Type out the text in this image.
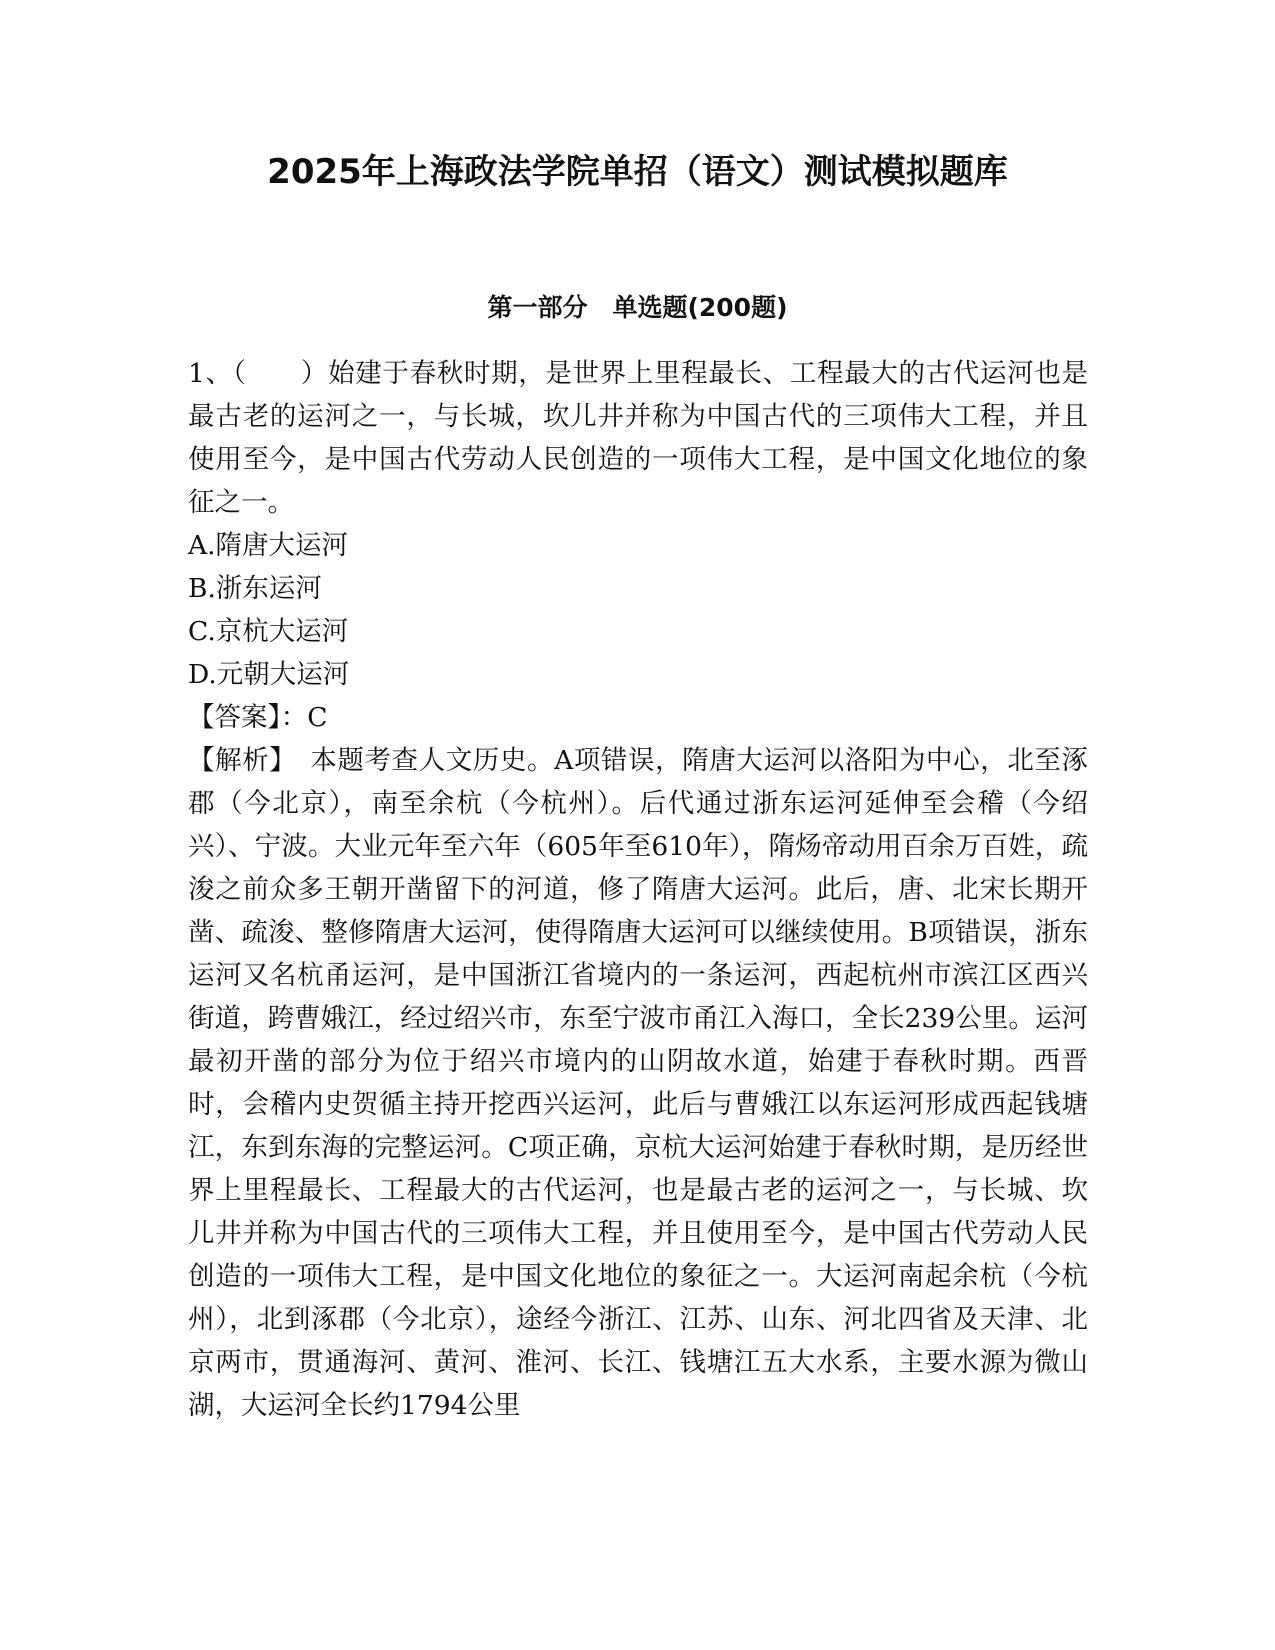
2025年上海政法学院单招（语文）测试模拟题库
第一部分　单选题(200题)

1、（　　）始建于春秋时期，是世界上里程最长、工程最大的古代运河也是最古老的运河之一，与长城，坎儿井并称为中国古代的三项伟大工程，并且使用至今，是中国古代劳动人民创造的一项伟大工程，是中国文化地位的象征之一。

A.隋唐大运河
B.浙东运河
C.京杭大运河
D.元朝大运河

【答案】：C

【解析】　本题考查人文历史。A项错误，隋唐大运河以洛阳为中心，北至涿郡（今北京），南至余杭（今杭州）。后代通过浙东运河延伸至会稽（今绍兴）、宁波。大业元年至六年（605年至610年），隋炀帝动用百余万百姓，疏浚之前众多王朝开凿留下的河道，修了隋唐大运河。此后，唐、北宋长期开凿、疏浚、整修隋唐大运河，使得隋唐大运河可以继续使用。B项错误，浙东运河又名杭甬运河，是中国浙江省境内的一条运河，西起杭州市滨江区西兴街道，跨曹娥江，经过绍兴市，东至宁波市甬江入海口，全长239公里。运河最初开凿的部分为位于绍兴市境内的山阴故水道，始建于春秋时期。西晋时，会稽内史贺循主持开挖西兴运河，此后与曹娥江以东运河形成西起钱塘江，东到东海的完整运河。C项正确，京杭大运河始建于春秋时期，是历经世界上里程最长、工程最大的古代运河，也是最古老的运河之一，与长城、坎儿井并称为中国古代的三项伟大工程，并且使用至今，是中国古代劳动人民创造的一项伟大工程，是中国文化地位的象征之一。大运河南起余杭（今杭州），北到涿郡（今北京），途经今浙江、江苏、山东、河北四省及天津、北京两市，贯通海河、黄河、淮河、长江、钱塘江五大水系，主要水源为微山湖，大运河全长约1794公里
